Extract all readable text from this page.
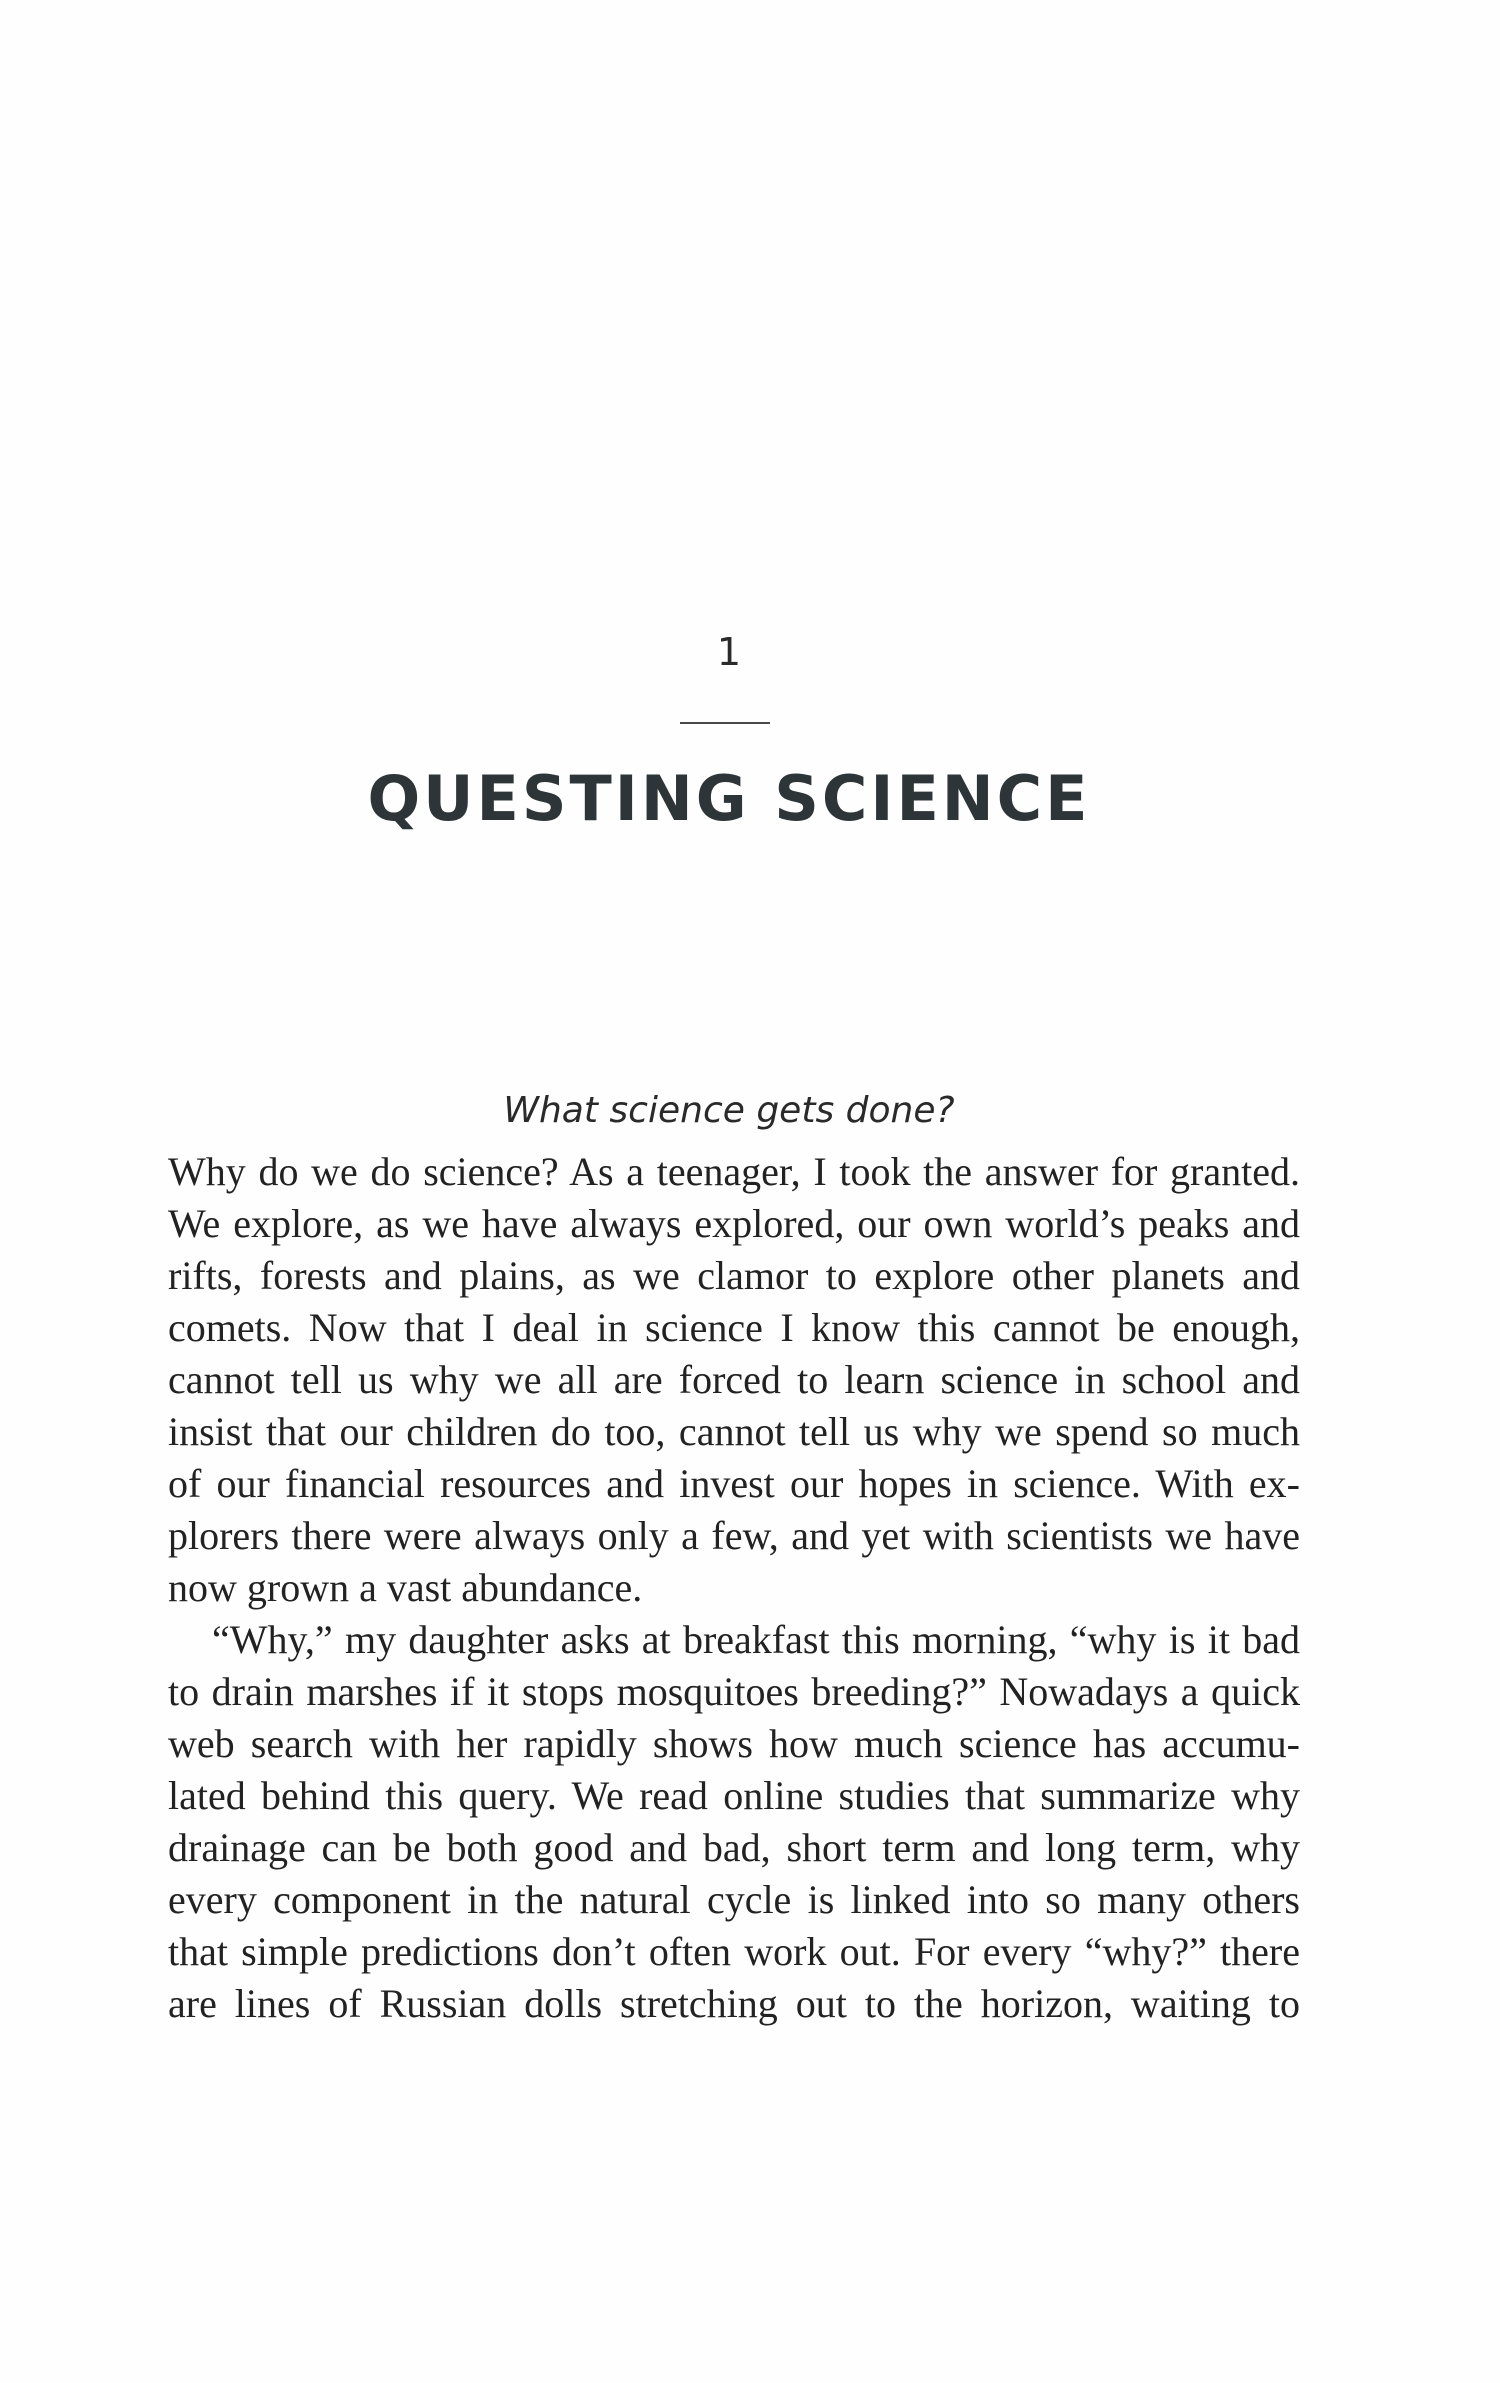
1
QUESTING SCIENCE
What science gets done?
Why do we do science? As a teenager, I took the answer for granted.
We explore, as we have always explored, our own world’s peaks and
rifts, forests and plains, as we clamor to explore other planets and
comets. Now that I deal in science I know this cannot be enough,
cannot tell us why we all are forced to learn science in school and
insist that our children do too, cannot tell us why we spend so much
of our financial resources and invest our hopes in science. With ex-
plorers there were always only a few, and yet with scientists we have
now grown a vast abundance.
“Why,” my daughter asks at breakfast this morning, “why is it bad
to drain marshes if it stops mosquitoes breeding?” Nowadays a quick
web search with her rapidly shows how much science has accumu-
lated behind this query. We read online studies that summarize why
drainage can be both good and bad, short term and long term, why
every component in the natural cycle is linked into so many others
that simple predictions don’t often work out. For every “why?” there
are lines of Russian dolls stretching out to the horizon, waiting to
